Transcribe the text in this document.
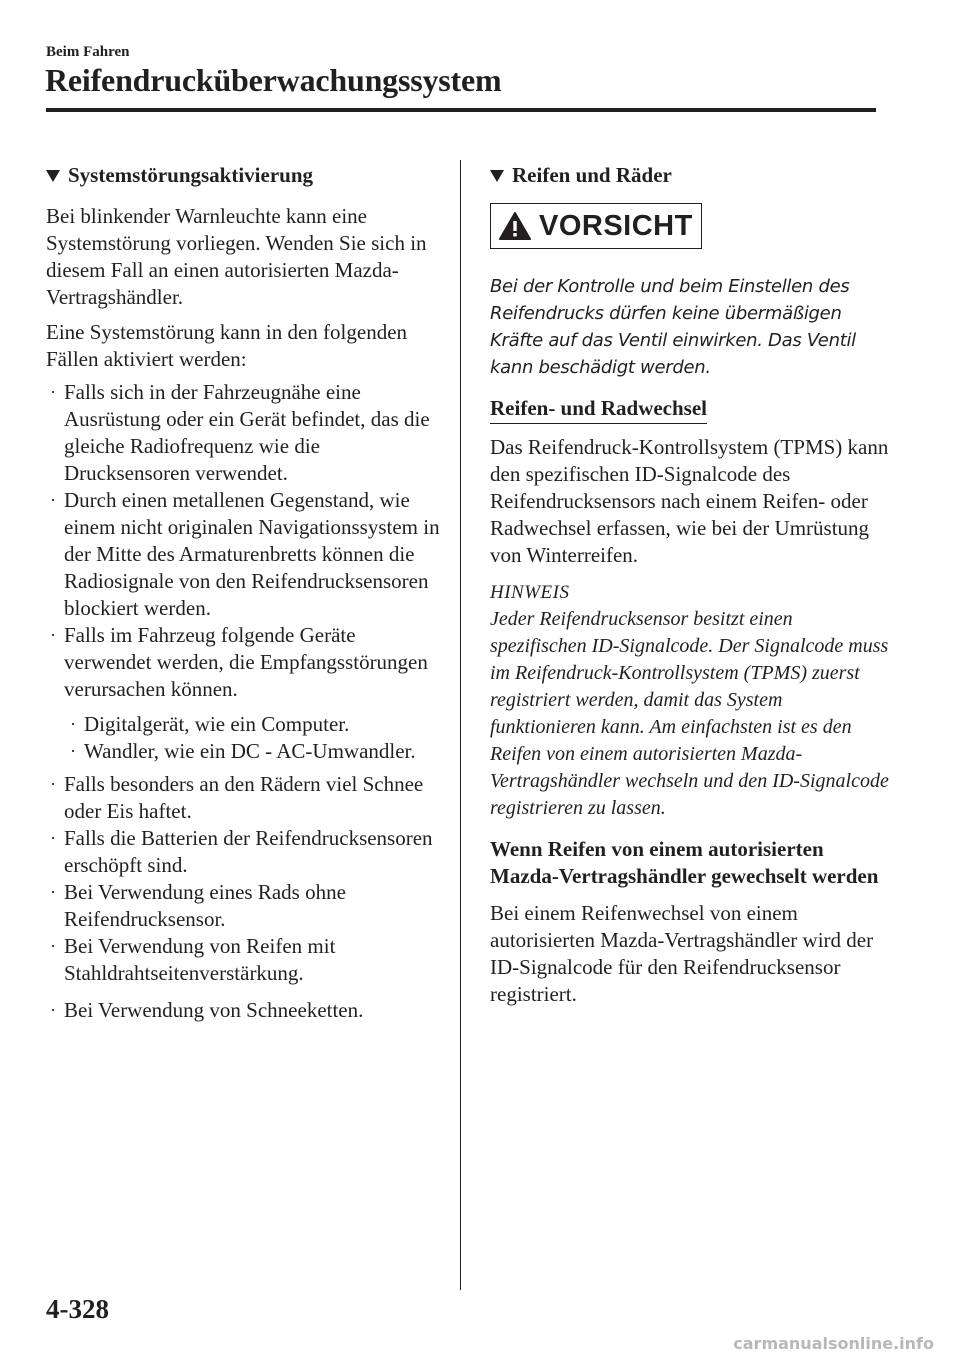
Beim Fahren
Reifendrucküberwachungssystem
Systemstörungsaktivierung

Bei blinkender Warnleuchte kann eine Systemstörung vorliegen. Wenden Sie sich in diesem Fall an einen autorisierten Mazda-Vertragshändler.

Eine Systemstörung kann in den folgenden Fällen aktiviert werden:

· Falls sich in der Fahrzeugnähe eine Ausrüstung oder ein Gerät befindet, das die gleiche Radiofrequenz wie die Drucksensoren verwendet.
· Durch einen metallenen Gegenstand, wie einem nicht originalen Navigationssystem in der Mitte des Armaturenbretts können die Radiosignale von den Reifendrucksensoren blockiert werden.
· Falls im Fahrzeug folgende Geräte verwendet werden, die Empfangsstörungen verursachen können.
· Digitalgerät, wie ein Computer.
· Wandler, wie ein DC - AC-Umwandler.
· Falls besonders an den Rädern viel Schnee oder Eis haftet.
· Falls die Batterien der Reifendrucksensoren erschöpft sind.
· Bei Verwendung eines Rads ohne Reifendrucksensor.
· Bei Verwendung von Reifen mit Stahldrahtseitenverstärkung.
· Bei Verwendung von Schneeketten.
Reifen und Räder
VORSICHT

Bei der Kontrolle und beim Einstellen des Reifendrucks dürfen keine übermäßigen Kräfte auf das Ventil einwirken. Das Ventil kann beschädigt werden.

Reifen- und Radwechsel

Das Reifendruck-Kontrollsystem (TPMS) kann den spezifischen ID-Signalcode des Reifendrucksensors nach einem Reifen- oder Radwechsel erfassen, wie bei der Umrüstung von Winterreifen.

HINWEIS

Jeder Reifendrucksensor besitzt einen spezifischen ID-Signalcode. Der Signalcode muss im Reifendruck-Kontrollsystem (TPMS) zuerst registriert werden, damit das System funktionieren kann. Am einfachsten ist es den Reifen von einem autorisierten Mazda-Vertragshändler wechseln und den ID-Signalcode registrieren zu lassen.

Wenn Reifen von einem autorisierten Mazda-Vertragshändler gewechselt werden

Bei einem Reifenwechsel von einem autorisierten Mazda-Vertragshändler wird der ID-Signalcode für den Reifendrucksensor registriert.

4-328
carmanualsonline.info
